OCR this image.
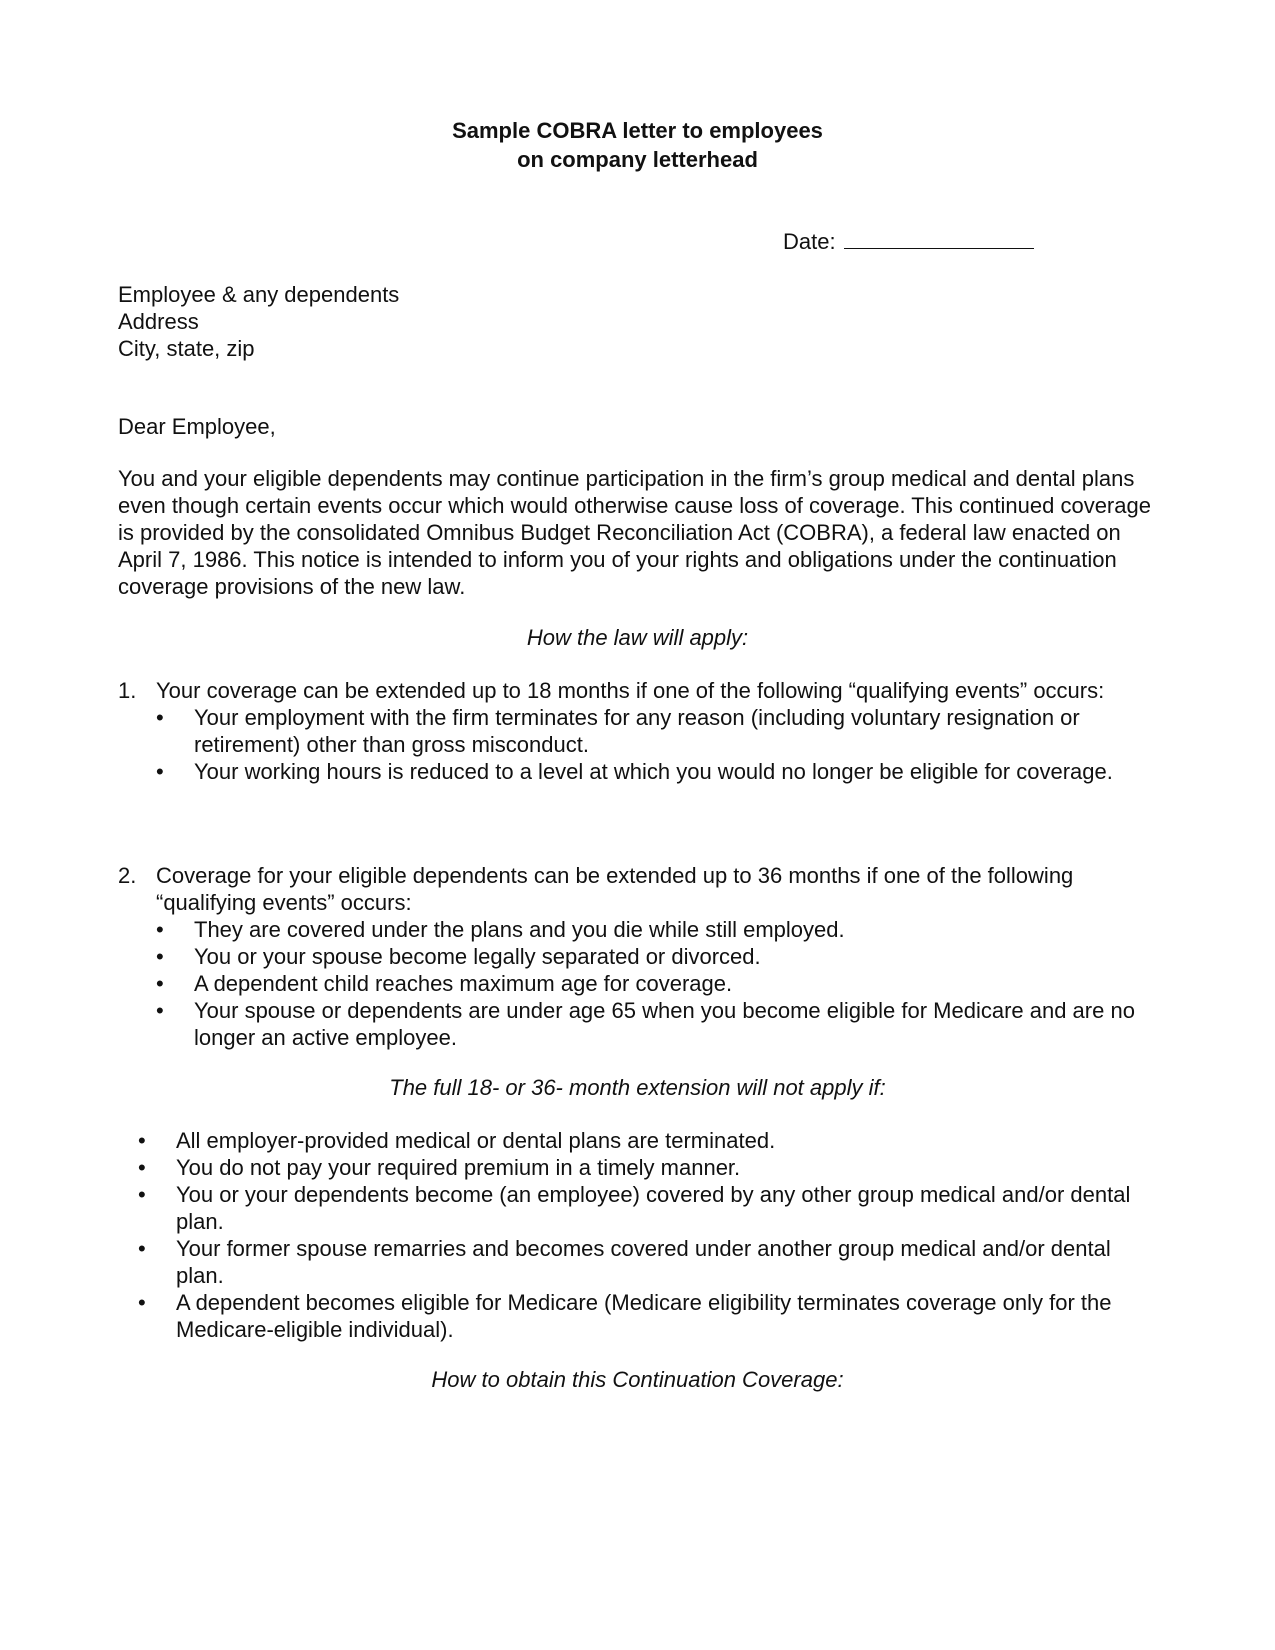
Sample COBRA letter to employees
on company letterhead
Date:
Employee & any dependents
Address
City, state, zip
Dear Employee,

You and your eligible dependents may continue participation in the firm’s group medical and dental plans even though certain events occur which would otherwise cause loss of coverage. This continued coverage is provided by the consolidated Omnibus Budget Reconciliation Act (COBRA), a federal law enacted on April 7, 1986. This notice is intended to inform you of your rights and obligations under the continuation coverage provisions of the new law.

How the law will apply:
1. Your coverage can be extended up to 18 months if one of the following “qualifying events” occurs:
• Your employment with the firm terminates for any reason (including voluntary resignation or retirement) other than gross misconduct.
• Your working hours is reduced to a level at which you would no longer be eligible for coverage.
2. Coverage for your eligible dependents can be extended up to 36 months if one of the following “qualifying events” occurs:
• They are covered under the plans and you die while still employed.
• You or your spouse become legally separated or divorced.
• A dependent child reaches maximum age for coverage.
• Your spouse or dependents are under age 65 when you become eligible for Medicare and are no longer an active employee.
The full 18- or 36- month extension will not apply if:
• All employer-provided medical or dental plans are terminated.
• You do not pay your required premium in a timely manner.
• You or your dependents become (an employee) covered by any other group medical and/or dental plan.
• Your former spouse remarries and becomes covered under another group medical and/or dental plan.
• A dependent becomes eligible for Medicare (Medicare eligibility terminates coverage only for the Medicare-eligible individual).
How to obtain this Continuation Coverage:
